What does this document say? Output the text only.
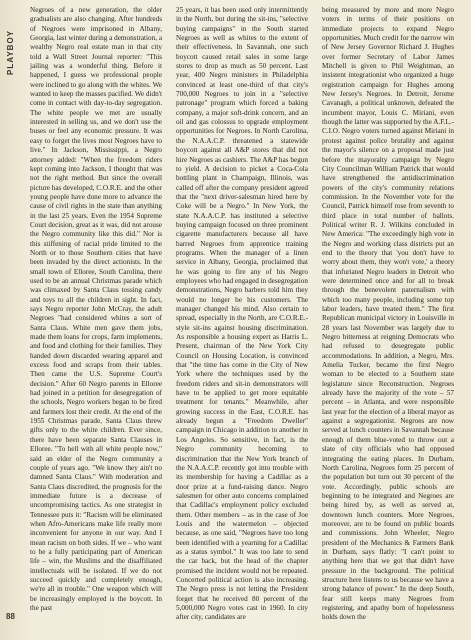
PLAYBOY

Negroes of a new generation, the older gradualists are also changing. After hundreds of Negroes were imprisoned in Albany, Georgia, last winter during a demonstration, a wealthy Negro real estate man in that city told a Wall Street Journal reporter: "This jailing was a wonderful thing. Before it happened, I guess we professional people were inclined to go along with the whites. We wanted to keep the masses pacified. We didn't come in contact with day-to-day segregation. The white people we met are usually interested in selling us, and we don't use the buses or feel any economic pressure. It was easy to forget the lives most Negroes have to live." In Jackson, Mississippi, a Negro attorney added: "When the freedom riders kept coming into Jackson, I thought that was not the right method. But since the overall picture has developed, C.O.R.E. and the other young people have done more to advance the cause of civil rights in the state than anything in the last 25 years. Even the 1954 Supreme Court decision, great as it was, did not arouse the Negro community like this did." Nor is this stiffening of racial pride limited to the North or to those Southern cities that have been invaded by the direct actionists. In the small town of Elloree, South Carolina, there used to be an annual Christmas parade which was climaxed by Santa Claus tossing candy and toys to all the children in sight. In fact, says Negro reporter John McCray, the adult Negroes "had considered whites a sort of Santa Claus. White men gave them jobs, made them loans for crops, farm implements, and food and clothing for their families. They handed down discarded wearing apparel and excess food and scraps from their tables. Then came the U.S. Supreme Court's decision." After 60 Negro parents in Elloree had joined in a petition for desegregation of the schools, Negro workers began to be fired and farmers lost their credit. At the end of the 1955 Christmas parade, Santa Claus threw gifts only to the white children. Ever since, there have been separate Santa Clauses in Elloree. "To hell with all white people now," said an elder of the Negro community a couple of years ago. "We know they ain't no damned Santa Claus." With moderation and Santa Claus discredited, the prognosis for the immediate future is a decrease of uncompromising tactics. As one strategist in Tennessee puts it: "Racism will be eliminated when Afro-Americans make life really more inconvenient for anyone in our way. And I mean racism on both sides. If we – who want to be a fully participating part of American life – win, the Muslims and the disaffiliated intellectuals will be isolated. If we do not succeed quickly and completely enough, we're all in trouble." One weapon which will be increasingly employed is the boycott. In the past

25 years, it has been used only intermittently in the North, but during the sit-ins, "selective buying campaigns" in the South started Negroes as well as whites to the extent of their effectiveness. In Savannah, one such boycott caused retail sales in some large stores to drop as much as 50 percent. Last year, 400 Negro ministers in Philadelphia convinced at least one-third of that city's 700,000 Negroes to join in a "selective patronage" program which forced a baking company, a major soft-drink concern, and an oil and gas colossus to upgrade employment opportunities for Negroes. In North Carolina, the N.A.A.C.P. threatened a statewide boycott against all A&P stores that did not hire Negroes as cashiers. The A&P has begun to yield. A decision to picket a Coca-Cola bottling plant in Champaign, Illinois, was called off after the company president agreed that the "next driver-salesman hired here by Coke will be a Negro." In New York, the state N.A.A.C.P. has instituted a selective buying campaign focused on three prominent cigarette manufacturers because all have barred Negroes from apprentice training programs. When the manager of a linen service in Albany, Georgia, proclaimed that he was going to fire any of his Negro employees who had engaged in desegregation demonstrations, Negro barbers told him they would no longer be his customers. The manager changed his mind. Also certain to spread, especially in the North, are C.O.R.E.-style sit-ins against housing discrimination. As responsible a housing expert as Harris L. Present, chairman of the New York City Council on Housing Location, is convinced that "the time has come in the City of New York where the techniques used by the freedom riders and sit-in demonstrators will have to be applied to get more equitable treatment for tenants." Meanwhile, after growing success in the East, C.O.R.E. has already begun a "Freedom Dweller" campaign in Chicago in addition to another in Los Angeles. So sensitive, in fact, is the Negro community becoming to discrimination that the New York branch of the N.A.A.C.P. recently got into trouble with its membership for having a Cadillac as a door prize at a fund-raising dance. Negro salesmen for other auto concerns complained that Cadillac's employment policy excluded them. Other members – as in the case of Joe Louis and the watermelon – objected because, as one said, "Negroes have too long been identified with a yearning for a Cadillac as a status symbol." It was too late to send the car back, but the head of the chapter promised the incident would not be repeated. Concerted political action is also increasing. The Negro press is not letting the President forget that he received 80 percent of the 5,000,000 Negro votes cast in 1960. In city after city, candidates are

being measured by more and more Negro voters in terms of their positions on immediate projects to expand Negro opportunities. Much credit for the narrow win of New Jersey Governor Richard J. Hughes over former Secretary of Labor James Mitchell is given to Phil Weightman, an insistent integrationist who organized a huge registration campaign for Hughes among New Jersey's Negroes. In Detroit, Jerome Cavanagh, a political unknown, defeated the incumbent mayor, Louis C. Miriani, even though the latter was supported by the A.F.L.-C.I.O. Negro voters turned against Miriani in protest against police brutality and against the mayor's silence on a proposal made just before the mayoralty campaign by Negro City Councilman William Patrick that would have strengthened the antidiscrimination powers of the city's community relations commission. In the November vote for the Council, Patrick himself rose from seventh to third place in total number of ballots. Political writer R. J. Wilkins concluded in New America: "The exceedingly high vote in the Negro and working class districts put an end to the theory that 'you don't have to worry about them, they won't vote,' a theory that infuriated Negro leaders in Detroit who were determined once and for all to break through the benevolent paternalism with which too many people, including some top labor leaders, have treated them." The first Republican municipal victory in Louisville in 28 years last November was largely due to Negro bitterness at reigning Democrats who had refused to desegregate public accommodations. In addition, a Negro, Mrs. Amelia Tucker, became the first Negro woman to be elected to a Southern state legislature since Reconstruction. Negroes already have the majority of the vote – 57 percent – in Atlanta, and were responsible last year for the election of a liberal mayor as against a segregationist. Negroes are now served at lunch counters in Savannah because enough of them blue-voted to throw out a slate of city officials who had opposed integrating the eating places. In Durham, North Carolina, Negroes form 25 percent of the population but turn out 30 percent of the vote. Accordingly, public schools are beginning to be integrated and Negroes are being hired by, as well as served at, downtown lunch counters. More Negroes, moreover, are to be found on public boards and commissions. John Wheeler, Negro president of the Mechanics & Farmers Bank in Durham, says flatly: "I can't point to anything here that we got that didn't have pressure in the background. The political structure here listens to us because we have a strong balance of power." In the deep South, fear still keeps many Negroes from registering, and apathy born of hopelessness holds down the

88
